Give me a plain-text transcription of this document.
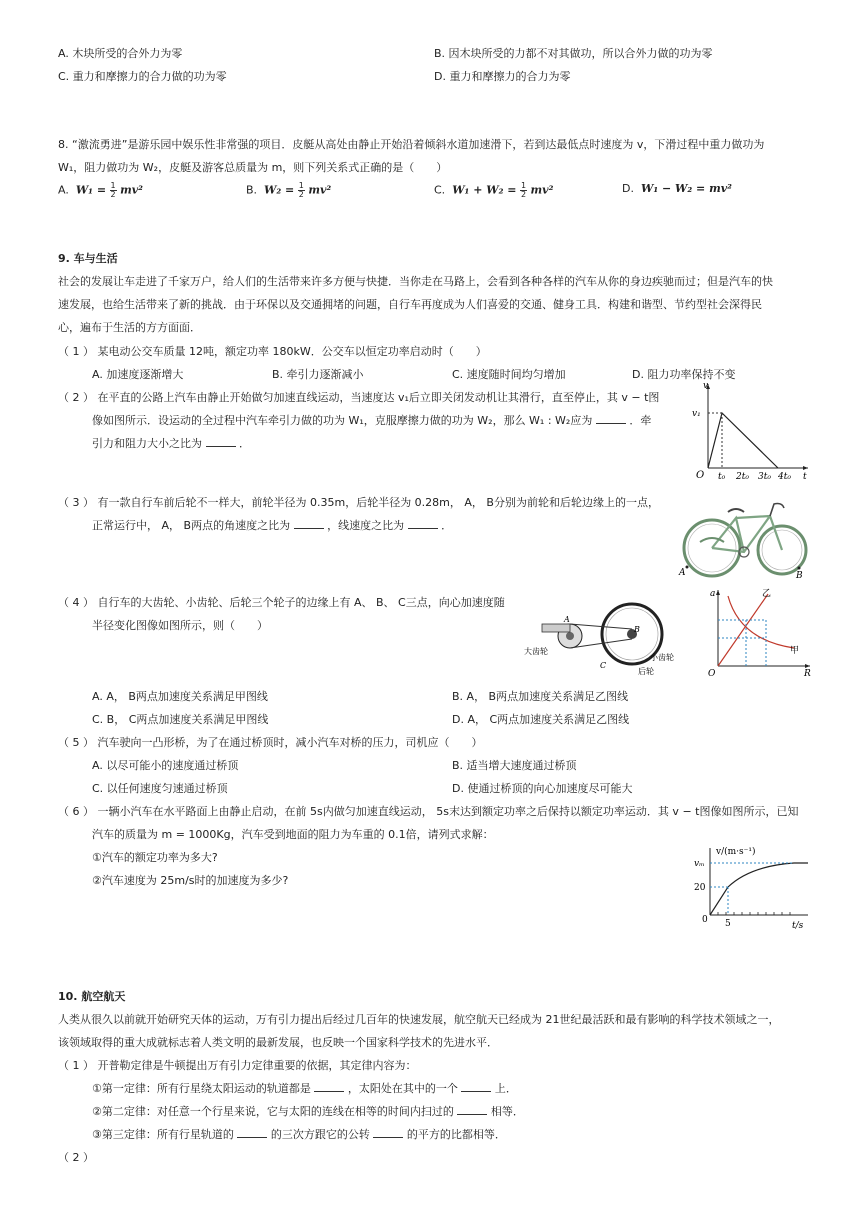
A. 木块所受的合外力为零	B. 因木块所受的力都不对其做功，所以合外力做的功为零
C. 重力和摩擦力的合力做的功为零	D. 重力和摩擦力的合力为零
8. “激流勇进”是游乐园中娱乐性非常强的项目．皮艇从高处由静止开始沿着倾斜水道加速滑下，若到达最低点时速度为 v，下滑过程中重力做功为
W₁，阻力做功为 W₂，皮艇及游客总质量为 m，则下列关系式正确的是（　　）
A. $W_1 = \frac{1}{2} mv^2$	B. $W_2 = \frac{1}{2} mv^2$	C. $W_1 + W_2 = \frac{1}{2} mv^2$	D. W₁ − W₂ = mv²
9. 车与生活
社会的发展让车走进了千家万户，给人们的生活带来许多方便与快捷．当你走在马路上，会看到各种各样的汽车从你的身边疾驰而过；但是汽车的快
速发展，也给生活带来了新的挑战．由于环保以及交通拥堵的问题，自行车再度成为人们喜爱的交通、健身工具．构建和谐型、节约型社会深得民
心，遍布于生活的方方面面．
（ 1 ） 某电动公交车质量 12吨，额定功率 180kW．公交车以恒定功率启动时（　　）
A. 加速度逐渐增大	B. 牵引力逐渐减小	C. 速度随时间均匀增加	D. 阻力功率保持不变
（ 2 ） 在平直的公路上汽车由静止开始做匀加速直线运动，当速度达 v₁后立即关闭发动机让其滑行，直至停止，其 v − t图
像如图所示．设运动的全过程中汽车牵引力做的功为 W₁，克服摩擦力做的功为 W₂，那么 W₁ : W₂应为	．牵
引力和阻力大小之比为	．
v
v₁
O t₀ 2t₀ 3t₀ 4t₀ t
（ 3 ） 有一款自行车前后轮不一样大，前轮半径为 0.35m，后轮半径为 0.28m， A， B分别为前轮和后轮边缘上的一点，
正常运行中， A， B两点的角速度之比为	，线速度之比为	．
A	B
（ 4 ） 自行车的大齿轮、小齿轮、后轮三个轮子的边缘上有 A、 B、 C三点，向心加速度随
半径变化图像如图所示，则（　　）	A
B
C
大齿轮
小齿轮
后轮
a
R
O
乙
甲
A. A， B两点加速度关系满足甲图线	B. A， B两点加速度关系满足乙图线
C. B， C两点加速度关系满足甲图线	D. A， C两点加速度关系满足乙图线
（ 5 ） 汽车驶向一凸形桥，为了在通过桥顶时，减小汽车对桥的压力，司机应（　　）
A. 以尽可能小的速度通过桥顶	B. 适当增大速度通过桥顶
C. 以任何速度匀速通过桥顶	D. 使通过桥顶的向心加速度尽可能大
（ 6 ） 一辆小汽车在水平路面上由静止启动，在前 5s内做匀加速直线运动， 5s末达到额定功率之后保持以额定功率运动．其 v − t图像如图所示，已知
汽车的质量为 m = 1000Kg，汽车受到地面的阻力为车重的 0.1倍，请列式求解：
①汽车的额定功率为多大?
②汽车速度为 25m/s时的加速度为多少?
v/(m·s⁻¹)
vₘ
20
0 5	t/s
10. 航空航天
人类从很久以前就开始研究天体的运动，万有引力提出后经过几百年的快速发展，航空航天已经成为 21世纪最活跃和最有影响的科学技术领域之一，
该领域取得的重大成就标志着人类文明的最新发展，也反映一个国家科学技术的先进水平．
（ 1 ） 开普勒定律是牛顿提出万有引力定律重要的依据，其定律内容为：
①第一定律：所有行星绕太阳运动的轨道都是	，太阳处在其中的一个	上．
②第二定律：对任意一个行星来说，它与太阳的连线在相等的时间内扫过的	相等．
③第三定律：所有行星轨道的	的三次方跟它的公转	的平方的比都相等．
（ 2 ）
